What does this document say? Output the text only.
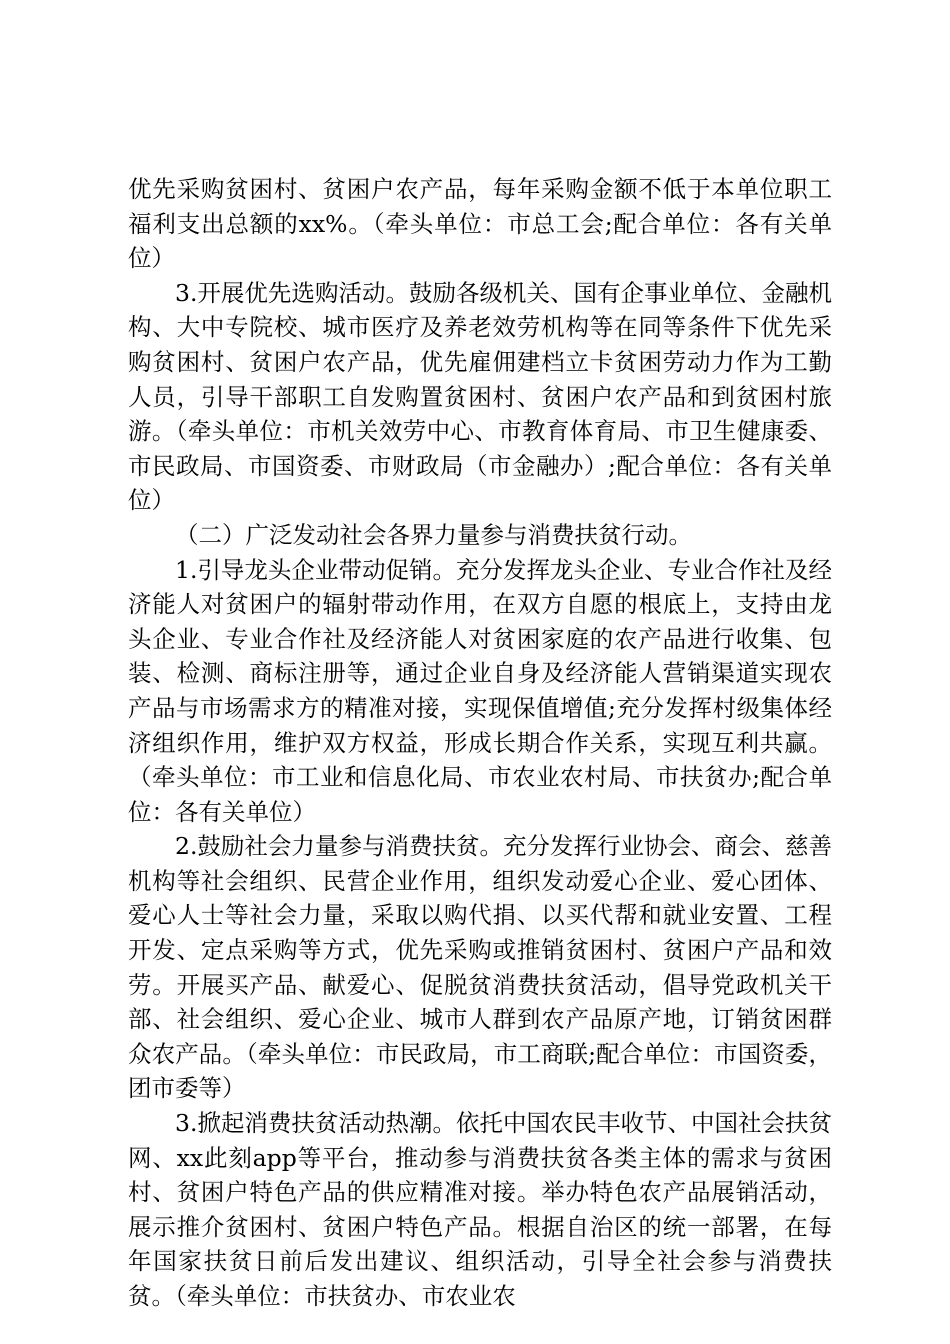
优先采购贫困村、贫困户农产品，每年采购金额不低于本单位职工福利支出总额的xx%。（牵头单位：市总工会;配合单位：各有关单位）

3.开展优先选购活动。鼓励各级机关、国有企事业单位、金融机构、大中专院校、城市医疗及养老效劳机构等在同等条件下优先采购贫困村、贫困户农产品，优先雇佣建档立卡贫困劳动力作为工勤人员，引导干部职工自发购置贫困村、贫困户农产品和到贫困村旅游。（牵头单位：市机关效劳中心、市教育体育局、市卫生健康委、市民政局、市国资委、市财政局（市金融办）;配合单位：各有关单位）

（二）广泛发动社会各界力量参与消费扶贫行动。

1.引导龙头企业带动促销。充分发挥龙头企业、专业合作社及经济能人对贫困户的辐射带动作用，在双方自愿的根底上，支持由龙头企业、专业合作社及经济能人对贫困家庭的农产品进行收集、包装、检测、商标注册等，通过企业自身及经济能人营销渠道实现农产品与市场需求方的精准对接，实现保值增值;充分发挥村级集体经济组织作用，维护双方权益，形成长期合作关系，实现互利共赢。（牵头单位：市工业和信息化局、市农业农村局、市扶贫办;配合单位：各有关单位）

2.鼓励社会力量参与消费扶贫。充分发挥行业协会、商会、慈善机构等社会组织、民营企业作用，组织发动爱心企业、爱心团体、爱心人士等社会力量，采取以购代捐、以买代帮和就业安置、工程开发、定点采购等方式，优先采购或推销贫困村、贫困户产品和效劳。开展买产品、献爱心、促脱贫消费扶贫活动，倡导党政机关干部、社会组织、爱心企业、城市人群到农产品原产地，订销贫困群众农产品。（牵头单位：市民政局，市工商联;配合单位：市国资委，团市委等）

3.掀起消费扶贫活动热潮。依托中国农民丰收节、中国社会扶贫网、xx此刻app等平台，推动参与消费扶贫各类主体的需求与贫困村、贫困户特色产品的供应精准对接。举办特色农产品展销活动，展示推介贫困村、贫困户特色产品。根据自治区的统一部署，在每年国家扶贫日前后发出建议、组织活动，引导全社会参与消费扶贫。（牵头单位：市扶贫办、市农业农
